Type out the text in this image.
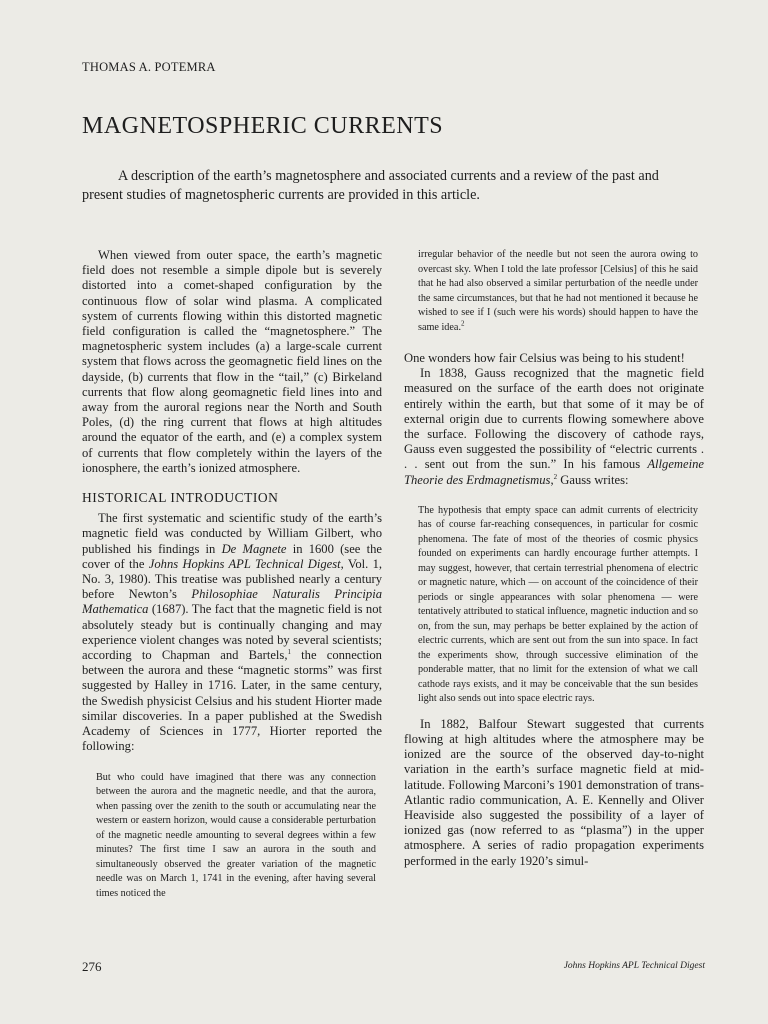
THOMAS A. POTEMRA
MAGNETOSPHERIC CURRENTS

A description of the earth’s magnetosphere and associated currents and a review of the past and present studies of magnetospheric currents are provided in this article.

When viewed from outer space, the earth’s magnetic field does not resemble a simple dipole but is severely distorted into a comet-shaped configuration by the continuous flow of solar wind plasma. A complicated system of currents flowing within this distorted magnetic field configuration is called the “magnetosphere.” The magnetospheric system includes (a) a large-scale current system that flows across the geomagnetic field lines on the dayside, (b) currents that flow in the “tail,” (c) Birkeland currents that flow along geomagnetic field lines into and away from the auroral regions near the North and South Poles, (d) the ring current that flows at high altitudes around the equator of the earth, and (e) a complex system of currents that flow completely within the layers of the ionosphere, the earth’s ionized atmosphere.

HISTORICAL INTRODUCTION

The first systematic and scientific study of the earth’s magnetic field was conducted by William Gilbert, who published his findings in De Magnete in 1600 (see the cover of the Johns Hopkins APL Technical Digest, Vol. 1, No. 3, 1980). This treatise was published nearly a century before Newton’s Philosophiae Naturalis Principia Mathematica (1687). The fact that the magnetic field is not absolutely steady but is continually changing and may experience violent changes was noted by several scientists; according to Chapman and Bartels,$^1$ the connection between the aurora and these “magnetic storms” was first suggested by Halley in 1716. Later, in the same century, the Swedish physicist Celsius and his student Hiorter made similar discoveries. In a paper published at the Swedish Academy of Sciences in 1777, Hiorter reported the following:

But who could have imagined that there was any connection between the aurora and the magnetic needle, and that the aurora, when passing over the zenith to the south or accumulating near the western or eastern horizon, would cause a considerable perturbation of the magnetic needle amounting to several degrees within a few minutes? The first time I saw an aurora in the south and simultaneously observed the greater variation of the magnetic needle was on March 1, 1741 in the evening, after having several times noticed the

irregular behavior of the needle but not seen the aurora owing to overcast sky. When I told the late professor [Celsius] of this he said that he had also observed a similar perturbation of the needle under the same circumstances, but that he had not mentioned it because he wished to see if I (such were his words) should happen to have the same idea.$^2$

One wonders how fair Celsius was being to his student!

In 1838, Gauss recognized that the magnetic field measured on the surface of the earth does not originate entirely within the earth, but that some of it may be of external origin due to currents flowing somewhere above the surface. Following the discovery of cathode rays, Gauss even suggested the possibility of “electric currents . . . sent out from the sun.” In his famous Allgemeine Theorie des Erdmagnetismus,$^2$ Gauss writes:

The hypothesis that empty space can admit currents of electricity has of course far-reaching consequences, in particular for cosmic phenomena. The fate of most of the theories of cosmic physics founded on experiments can hardly encourage further attempts. I may suggest, however, that certain terrestrial phenomena of electric or magnetic nature, which — on account of the coincidence of their periods or single appearances with solar phenomena — were tentatively attributed to statical influence, magnetic induction and so on, from the sun, may perhaps be better explained by the action of electric currents, which are sent out from the sun into space. In fact the experiments show, through successive elimination of the ponderable matter, that no limit for the extension of what we call cathode rays exists, and it may be conceivable that the sun besides light also sends out into space electric rays.

In 1882, Balfour Stewart suggested that currents flowing at high altitudes where the atmosphere may be ionized are the source of the observed day-to-night variation in the earth’s surface magnetic field at mid-latitude. Following Marconi’s 1901 demonstration of trans-Atlantic radio communication, A. E. Kennelly and Oliver Heaviside also suggested the possibility of a layer of ionized gas (now referred to as “plasma”) in the upper atmosphere. A series of radio propagation experiments performed in the early 1920’s simul-

276	Johns Hopkins APL Technical Digest
